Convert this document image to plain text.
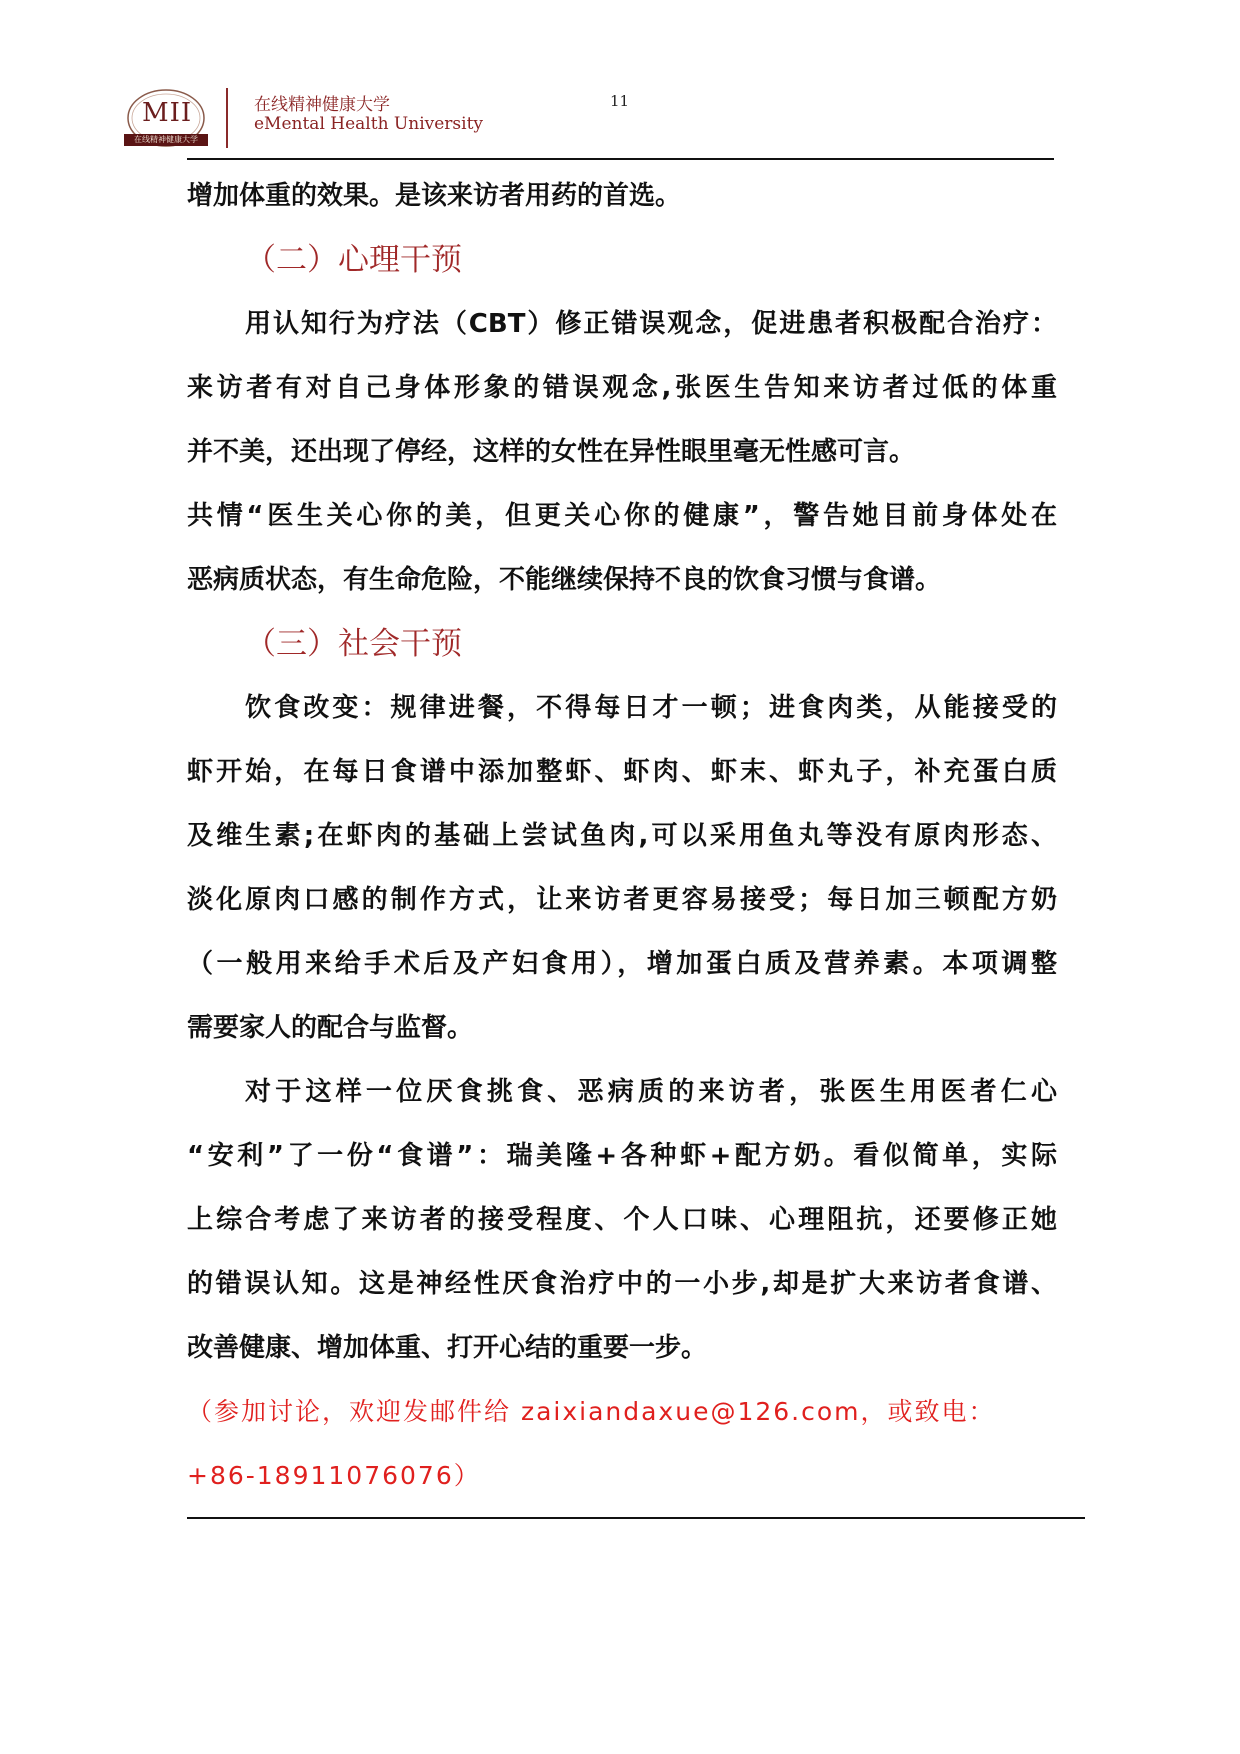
MII
在线精神健康大学
在线精神健康大学
eMental Health University
11

增加体重的效果。是该来访者用药的首选。

（二）心理干预

用认知行为疗法（CBT）修正错误观念，促进患者积极配合治疗：

来访者有对自己身体形象的错误观念,张医生告知来访者过低的体重

并不美，还出现了停经，这样的女性在异性眼里毫无性感可言。

共情“医生关心你的美，但更关心你的健康”，警告她目前身体处在

恶病质状态，有生命危险，不能继续保持不良的饮食习惯与食谱。

（三）社会干预

饮食改变：规律进餐，不得每日才一顿；进食肉类，从能接受的

虾开始，在每日食谱中添加整虾、虾肉、虾末、虾丸子，补充蛋白质

及维生素;在虾肉的基础上尝试鱼肉,可以采用鱼丸等没有原肉形态、

淡化原肉口感的制作方式，让来访者更容易接受；每日加三顿配方奶

（一般用来给手术后及产妇食用），增加蛋白质及营养素。本项调整

需要家人的配合与监督。

对于这样一位厌食挑食、恶病质的来访者，张医生用医者仁心

“安利”了一份“食谱”：瑞美隆+各种虾+配方奶。看似简单，实际

上综合考虑了来访者的接受程度、个人口味、心理阻抗，还要修正她

的错误认知。这是神经性厌食治疗中的一小步,却是扩大来访者食谱、

改善健康、增加体重、打开心结的重要一步。

（参加讨论，欢迎发邮件给 zaixiandaxue@126.com，或致电：

+86-18911076076）
